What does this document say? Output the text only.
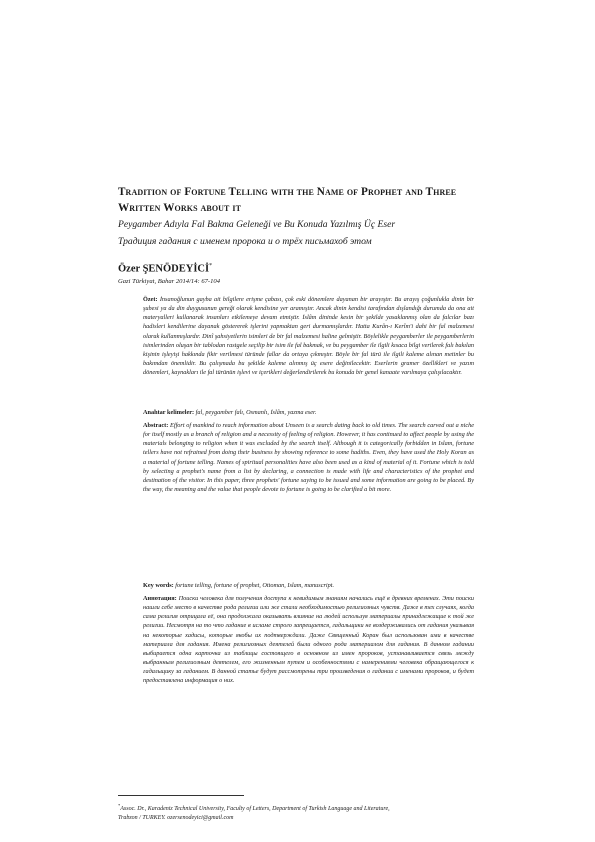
Tradition of Fortune Telling with the Name of Prophet and Three Written Works about it

Peygamber Adıyla Fal Bakma Geleneği ve Bu Konuda Yazılmış Üç Eser

Традиция гадания с именем пророка и о трёх письмахоб этом

Özer ŞENÖDEYİCİ*

Gazi Türkiyat, Bahar 2014/14: 67-104

Özet: İnsanoğlunun gayba ait bilgilere erişme çabası, çok eski dönemlere dayanan bir arayıştır. Bu arayış çoğunlukla dinin bir şubesi ya da din duygusunun gereği olarak kendisine yer aramıştır. Ancak dinin kendisi tarafından dışlandığı durumda da ona ait materyalleri kullanarak insanları etkilemeye devam etmiştir. İslâm dininde kesin bir şekilde yasaklanmış olan da falcılar bazı hadisleri kendilerine dayanak göstererek işlerini yapmaktan geri durmamışlardır. Hatta Kurân-ı Kerîm'i dahi bir fal malzemesi olarak kullanmışlardır. Dinî şahsiyetlerin isimleri de bir fal malzemesi haline gelmiştir. Böylelikle peygamberler ile peygamberlerin isimlerinden oluşan bir tablodan rastgele seçilip bir isim ile fal bakmak, ve bu peygamber ile ilgili kısaca bilgi verilerek falı bakılan kişinin işleyişi hakkında fikir verilmesi türünde fallar da ortaya çıkmıştır. Böyle bir fal türü ile ilgili kaleme alınan metinler bu bakımdan önemlidir. Bu çalışmada bu şekilde kaleme alınmış üç esere değinilecektir. Eserlerin gramer özellikleri ve yazım dönemleri, kaynakları ile fal türünün işlevi ve içerikleri değerlendirilerek bu konuda bir genel kanaate varılmaya çalışılacaktır.

Anahtar kelimeler: fal, peygamber falı, Osmanlı, İslâm, yazma eser.

Abstract: Effort of mankind to reach information about Unseen is a search dating back to old times. The search carved out a niche for itself mostly as a branch of religion and a necessity of feeling of religion. However, it has continued to affect people by using the materials belonging to religion when it was excluded by the search itself. Although it is categorically forbidden in Islam, fortune tellers have not refrained from doing their business by showing reference to some hadiths. Even, they have used the Holy Koran as a material of fortune telling. Names of spiritual personalities have also been used as a kind of material of it. Fortune which is told by selecting a prophet's name from a list by declaring, a connection is made with life and characteristics of the prophet and destination of the visitor. In this paper, three prophets' fortune saying to be issued and some information are going to be placed. By the way, the meaning and the value that people devote to fortune is going to be clarified a bit more.

Key words: fortune telling, fortune of prophet, Ottoman, Islam, manuscript.

Аннотация: Поиски человека для получения доступа к невидимым знаниям начались ещё в древних временах. Эти поиски нашли себе место в качестве рода религии или же стали необходимостью религиозных чувств. Даже в тех случаях, когда сама религия отрицала её, она продолжала оказывать влияние на людей используя материалы принадлежащие к той же религии. Несмотря на то что гадание в исламе строго запрещается, гадальщики не воздерживались от гадания указывая на некоторые хадисы, которые якобы их подтверждали. Даже Священный Коран был использован ими в качестве материала для гадания. Имена религиозных деятелей были одного рода материалом для гадания. В данном гадании выбирается одна карточка из таблицы состоящего в основном из имен пророков, устанавливается связь между выбранным религиозным деятелем, его жизненным путем и особенностями с намерениями человека обращающегося к гадальщику за гаданием. В данной статье будут рассмотрены три произведения о гадании с именами пророков, и будет предоставлена информация о них.

*Assoc. Dr., Karadeniz Technical University, Faculty of Letters, Department of Turkish Language and Literature,
Trabzon / TURKEY. ozersenodeyici@gmail.com
